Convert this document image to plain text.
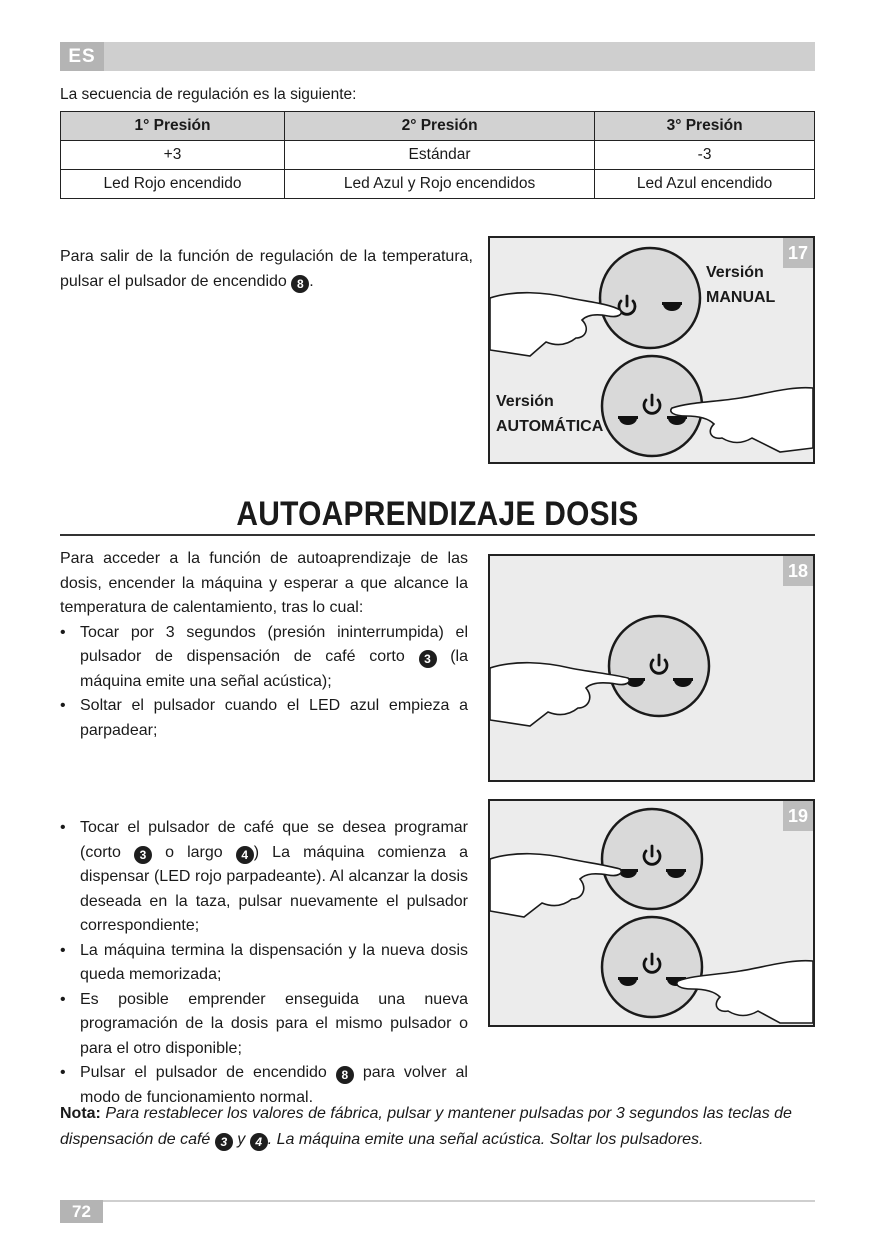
ES
La secuencia de regulación es la siguiente:
1° Presión	2° Presión	3° Presión
+3	Estándar	-3
Led Rojo encendido	Led Azul y Rojo encendidos	Led Azul encendido
Para salir de la función de regulación de la temperatura, pulsar el pulsador de encendido 8 .
17
Versión
MANUAL
Versión
AUTOMÁTICA
AUTOAPRENDIZAJE DOSIS
Para acceder a la función de autoaprendizaje de las dosis, encender la máquina y esperar a que alcance la temperatura de calentamiento, tras lo cual:
• Tocar por 3 segundos (presión ininterrumpida) el pulsador de dispensación de café corto 3 (la máquina emite una señal acústica);
• Soltar el pulsador cuando el LED azul empieza a parpadear;
18
• Tocar el pulsador de café que se desea programar (corto 3 o largo 4 ) La máquina comienza a dispensar (LED rojo parpadeante). Al alcanzar la dosis deseada en la taza, pulsar nuevamente el pulsador correspondiente;
• La máquina termina la dispensación y la nueva dosis queda memorizada;
• Es posible emprender enseguida una nueva programación de la dosis para el mismo pulsador o para el otro disponible;
• Pulsar el pulsador de encendido 8 para volver al modo de funcionamiento normal.
19
Nota: Para restablecer los valores de fábrica, pulsar y mantener pulsadas por 3 segundos las teclas de dispensación de café 3 y 4 . La máquina emite una señal acústica. Soltar los pulsadores.
72
